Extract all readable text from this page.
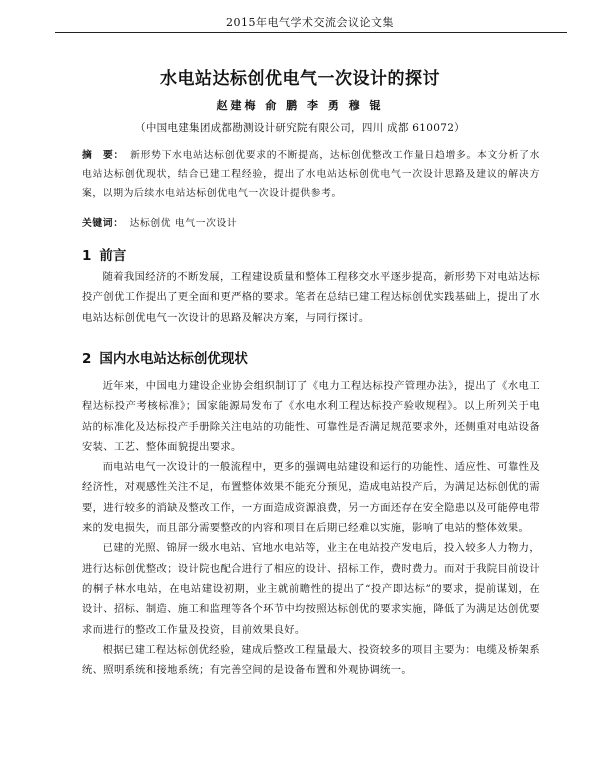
2015年电气学术交流会议论文集
水电站达标创优电气一次设计的探讨
赵建梅 俞 鹏 李 勇 穆 锟
（中国电建集团成都勘测设计研究院有限公司，四川 成都 610072）
摘　要： 新形势下水电站达标创优要求的不断提高，达标创优整改工作量日趋增多。本文分析了水电站达标创优现状，结合已建工程经验，提出了水电站达标创优电气一次设计思路及建议的解决方案，以期为后续水电站达标创优电气一次设计提供参考。
关键词： 达标创优 电气一次设计
1 前言

随着我国经济的不断发展，工程建设质量和整体工程移交水平逐步提高，新形势下对电站达标投产创优工作提出了更全面和更严格的要求。笔者在总结已建工程达标创优实践基础上，提出了水电站达标创优电气一次设计的思路及解决方案，与同行探讨。

2 国内水电站达标创优现状

近年来，中国电力建设企业协会组织制订了《电力工程达标投产管理办法》，提出了《水电工程达标投产考核标准》；国家能源局发布了《水电水利工程达标投产验收规程》。以上所列关于电站的标准化及达标投产手册除关注电站的功能性、可靠性是否满足规范要求外，还侧重对电站设备安装、工艺、整体面貌提出要求。

而电站电气一次设计的一般流程中，更多的强调电站建设和运行的功能性、适应性、可靠性及经济性，对观感性关注不足，布置整体效果不能充分预见，造成电站投产后，为满足达标创优的需要，进行较多的消缺及整改工作，一方面造成资源浪费，另一方面还存在安全隐患以及可能停电带来的发电损失，而且部分需要整改的内容和项目在后期已经难以实施，影响了电站的整体效果。

已建的光照、锦屏一级水电站、官地水电站等，业主在电站投产发电后，投入较多人力物力，进行达标创优整改；设计院也配合进行了相应的设计、招标工作，费时费力。而对于我院目前设计的桐子林水电站，在电站建设初期，业主就前瞻性的提出了“投产即达标”的要求，提前谋划，在设计、招标、制造、施工和监理等各个环节中均按照达标创优的要求实施，降低了为满足达创优要求而进行的整改工作量及投资，目前效果良好。

根据已建工程达标创优经验，建成后整改工程量最大、投资较多的项目主要为：电缆及桥架系统、照明系统和接地系统；有完善空间的是设备布置和外观协调统一。
